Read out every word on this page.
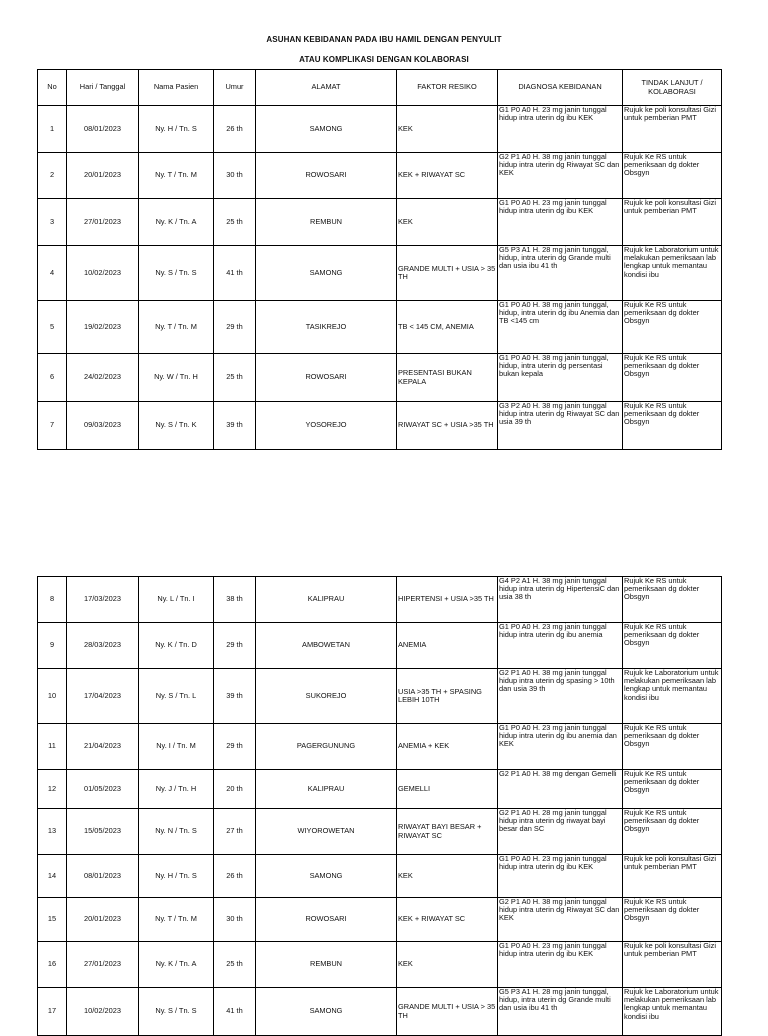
ASUHAN KEBIDANAN PADA IBU HAMIL DENGAN PENYULIT
ATAU KOMPLIKASI DENGAN KOLABORASI
No	Hari / Tanggal	Nama Pasien	Umur	ALAMAT	FAKTOR RESIKO	DIAGNOSA KEBIDANAN	TINDAK LANJUT / KOLABORASI
1	08/01/2023	Ny. H / Tn. S	26 th	SAMONG	KEK	G1 P0 A0 H. 23 mg janin tunggal hidup intra uterin dg ibu KEK	Rujuk ke poli konsultasi Gizi untuk pemberian PMT
2	20/01/2023	Ny. T / Tn. M	30 th	ROWOSARI	KEK + RIWAYAT SC	G2 P1 A0 H. 38 mg janin tunggal hidup intra uterin dg Riwayat SC dan KEK	Rujuk Ke RS untuk pemeriksaan dg dokter Obsgyn
3	27/01/2023	Ny. K / Tn. A	25 th	REMBUN	KEK	G1 P0 A0 H. 23 mg janin tunggal hidup intra uterin dg ibu KEK	Rujuk ke poli konsultasi Gizi untuk pemberian PMT
4	10/02/2023	Ny. S / Tn. S	41 th	SAMONG	GRANDE MULTI + USIA > 35 TH	G5 P3 A1 H. 28 mg janin tunggal, hidup, intra uterin dg Grande multi dan usia ibu 41 th	Rujuk ke Laboratorium untuk melakukan pemeriksaan lab lengkap untuk memantau kondisi ibu
5	19/02/2023	Ny. T / Tn. M	29 th	TASIKREJO	TB < 145 CM, ANEMIA	G1 P0 A0 H. 38 mg janin tunggal, hidup, intra uterin dg ibu Anemia dan TB <145 cm	Rujuk Ke RS untuk pemeriksaan dg dokter Obsgyn
6	24/02/2023	Ny. W / Tn. H	25 th	ROWOSARI	PRESENTASI BUKAN KEPALA	G1 P0 A0 H. 38 mg janin tunggal, hidup, intra uterin dg persentasi bukan kepala	Rujuk Ke RS untuk pemeriksaan dg dokter Obsgyn
7	09/03/2023	Ny. S / Tn. K	39 th	YOSOREJO	RIWAYAT SC + USIA >35 TH	G3 P2 A0 H. 38 mg janin tunggal hidup intra uterin dg Riwayat SC dan usia 39 th	Rujuk Ke RS untuk pemeriksaan dg dokter Obsgyn
8	17/03/2023	Ny. L / Tn. I	38 th	KALIPRAU	HIPERTENSI + USIA >35 TH	G4 P2 A1 H. 38 mg janin tunggal hidup intra uterin dg HipertensiC dan usia 38 th	Rujuk Ke RS untuk pemeriksaan dg dokter Obsgyn
9	28/03/2023	Ny. K / Tn. D	29 th	AMBOWETAN	ANEMIA	G1 P0 A0 H. 23 mg janin tunggal hidup intra uterin dg ibu anemia	Rujuk Ke RS untuk pemeriksaan dg dokter Obsgyn
10	17/04/2023	Ny. S / Tn. L	39 th	SUKOREJO	USIA >35 TH + SPASING LEBIH 10TH	G2 P1 A0 H. 38 mg janin tunggal hidup intra uterin dg spasing > 10th dan usia 39 th	Rujuk ke Laboratorium untuk melakukan pemeriksaan lab lengkap untuk memantau kondisi ibu
11	21/04/2023	Ny. I / Tn. M	29 th	PAGERGUNUNG	ANEMIA + KEK	G1 P0 A0 H. 23 mg janin tunggal hidup intra uterin dg ibu anemia dan KEK	Rujuk Ke RS untuk pemeriksaan dg dokter Obsgyn
12	01/05/2023	Ny. J / Tn. H	20 th	KALIPRAU	GEMELLI	G2 P1 A0 H. 38 mg dengan Gemelli	Rujuk Ke RS untuk pemeriksaan dg dokter Obsgyn
13	15/05/2023	Ny. N / Tn. S	27 th	WIYOROWETAN	RIWAYAT BAYI BESAR + RIWAYAT SC	G2 P1 A0 H. 28 mg janin tunggal hidup intra uterin dg riwayat bayi besar dan SC	Rujuk Ke RS untuk pemeriksaan dg dokter Obsgyn
14	08/01/2023	Ny. H / Tn. S	26 th	SAMONG	KEK	G1 P0 A0 H. 23 mg janin tunggal hidup intra uterin dg ibu KEK	Rujuk ke poli konsultasi Gizi untuk pemberian PMT
15	20/01/2023	Ny. T / Tn. M	30 th	ROWOSARI	KEK + RIWAYAT SC	G2 P1 A0 H. 38 mg janin tunggal hidup intra uterin dg Riwayat SC dan KEK	Rujuk Ke RS untuk pemeriksaan dg dokter Obsgyn
16	27/01/2023	Ny. K / Tn. A	25 th	REMBUN	KEK	G1 P0 A0 H. 23 mg janin tunggal hidup intra uterin dg ibu KEK	Rujuk ke poli konsultasi Gizi untuk pemberian PMT
17	10/02/2023	Ny. S / Tn. S	41 th	SAMONG	GRANDE MULTI + USIA > 35 TH	G5 P3 A1 H. 28 mg janin tunggal, hidup, intra uterin dg Grande multi dan usia ibu 41 th	Rujuk ke Laboratorium untuk melakukan pemeriksaan lab lengkap untuk memantau kondisi ibu
